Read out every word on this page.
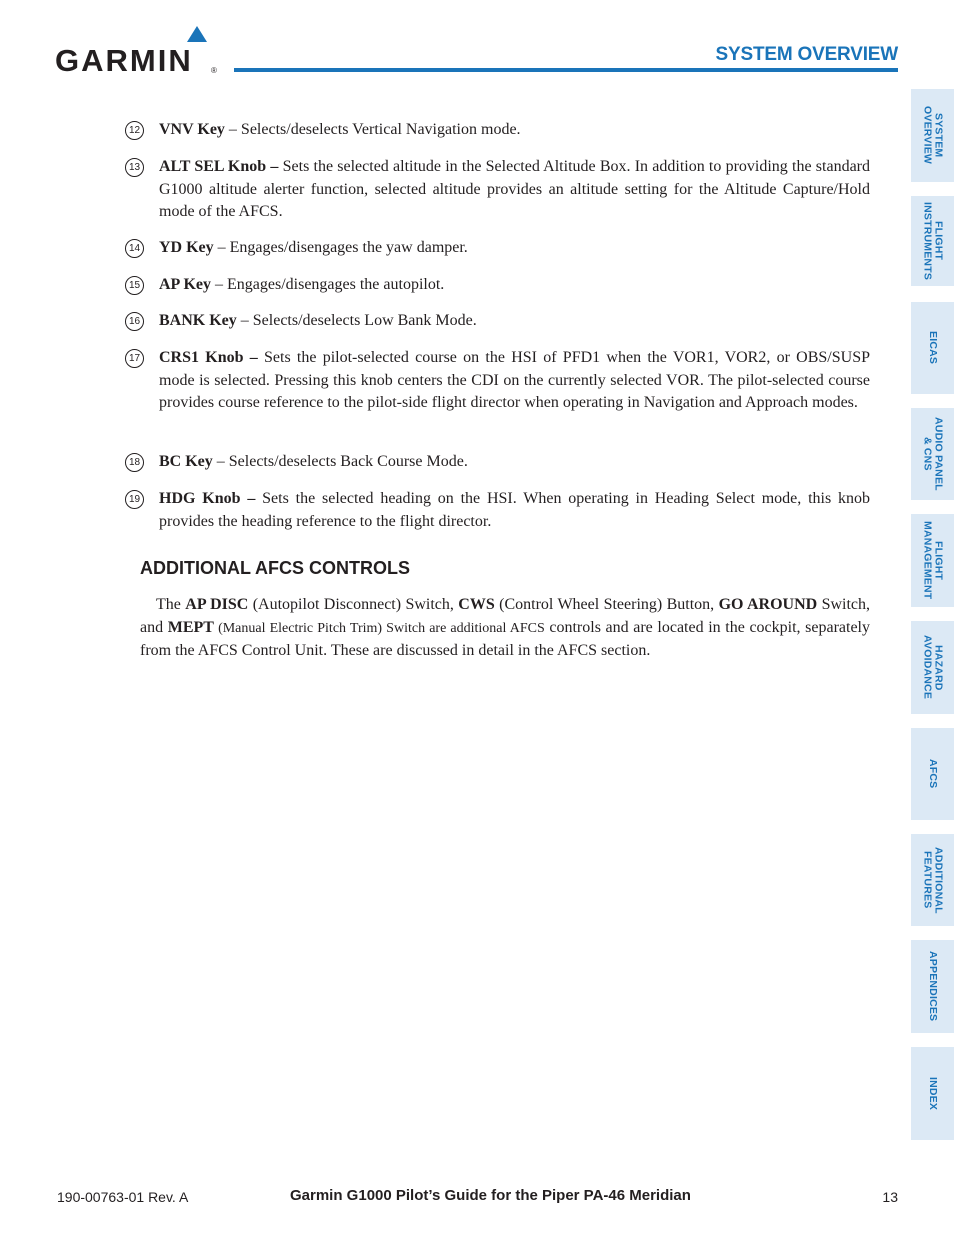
GARMIN ®
SYSTEM OVERVIEW
SYSTEM
OVERVIEW
FLIGHT
INSTRUMENTS
EICAS
AUDIO PANEL
& CNS
FLIGHT
MANAGEMENT
HAZARD
AVOIDANCE
AFCS
ADDITIONAL
FEATURES
APPENDICES
INDEX
12 VNV Key – Selects/deselects Vertical Navigation mode.
13 ALT SEL Knob – Sets the selected altitude in the Selected Altitude Box. In addition to providing the standard G1000 altitude alerter function, selected altitude provides an altitude setting for the Altitude Capture/Hold mode of the AFCS.
14 YD Key – Engages/disengages the yaw damper.
15 AP Key – Engages/disengages the autopilot.
16 BANK Key – Selects/deselects Low Bank Mode.
17 CRS1 Knob – Sets the pilot-selected course on the HSI of PFD1 when the VOR1, VOR2, or OBS/SUSP mode is selected. Pressing this knob centers the CDI on the currently selected VOR. The pilot-selected course provides course reference to the pilot-side flight director when operating in Navigation and Approach modes.
18 BC Key – Selects/deselects Back Course Mode.
19 HDG Knob – Sets the selected heading on the HSI. When operating in Heading Select mode, this knob provides the heading reference to the flight director.
ADDITIONAL AFCS CONTROLS
 The AP DISC (Autopilot Disconnect) Switch, CWS (Control Wheel Steering) Button, GO AROUND Switch, and MEPT (Manual Electric Pitch Trim) Switch are additional AFCS controls and are located in the cockpit, separately from the AFCS Control Unit. These are discussed in detail in the AFCS section.
190-00763-01 Rev. A	Garmin G1000 Pilot’s Guide for the Piper PA-46 Meridian	13
